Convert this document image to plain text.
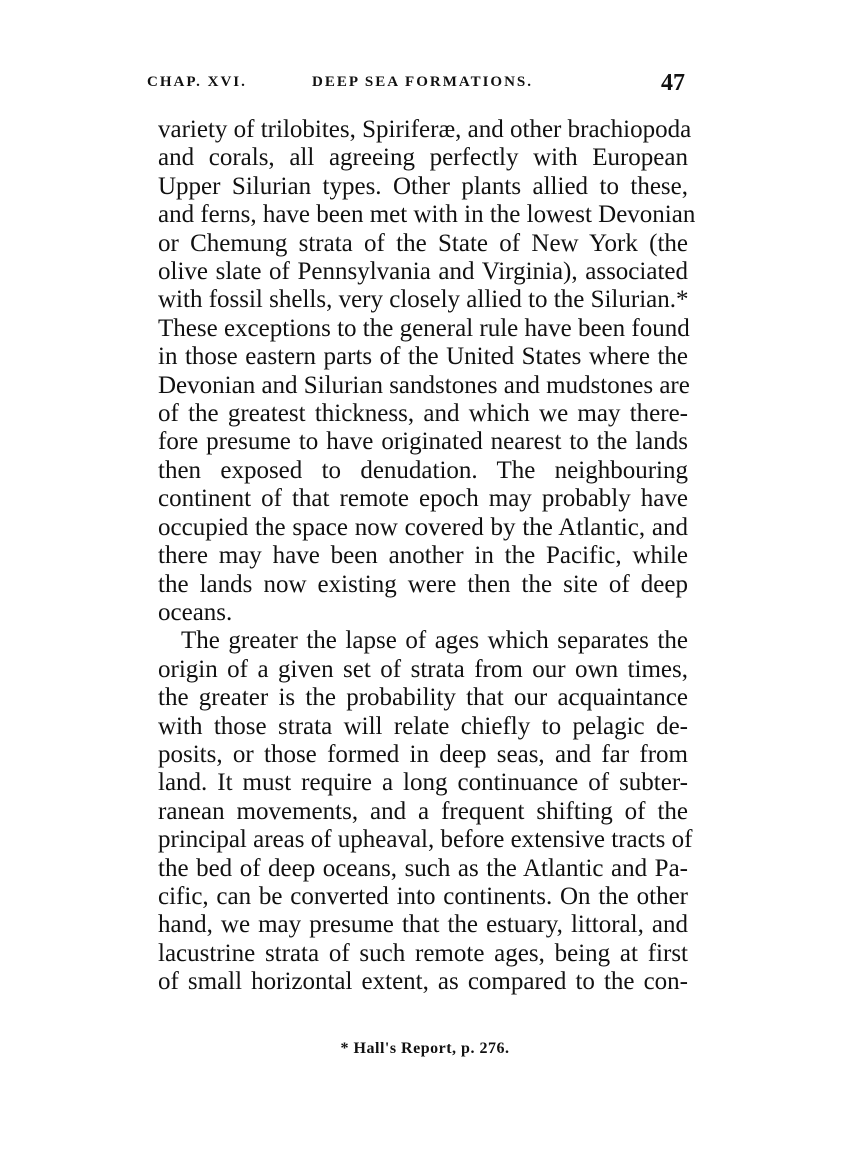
CHAP. XVI.	DEEP SEA FORMATIONS.	47
variety of trilobites, Spiriferæ, and other brachiopoda
and corals, all agreeing perfectly with European
Upper Silurian types. Other plants allied to these,
and ferns, have been met with in the lowest Devonian
or Chemung strata of the State of New York (the
olive slate of Pennsylvania and Virginia), associated
with fossil shells, very closely allied to the Silurian.*
These exceptions to the general rule have been found
in those eastern parts of the United States where the
Devonian and Silurian sandstones and mudstones are
of the greatest thickness, and which we may there-
fore presume to have originated nearest to the lands
then exposed to denudation. The neighbouring
continent of that remote epoch may probably have
occupied the space now covered by the Atlantic, and
there may have been another in the Pacific, while
the lands now existing were then the site of deep
oceans.
The greater the lapse of ages which separates the
origin of a given set of strata from our own times,
the greater is the probability that our acquaintance
with those strata will relate chiefly to pelagic de-
posits, or those formed in deep seas, and far from
land. It must require a long continuance of subter-
ranean movements, and a frequent shifting of the
principal areas of upheaval, before extensive tracts of
the bed of deep oceans, such as the Atlantic and Pa-
cific, can be converted into continents. On the other
hand, we may presume that the estuary, littoral, and
lacustrine strata of such remote ages, being at first
of small horizontal extent, as compared to the con-
* Hall's Report, p. 276.
